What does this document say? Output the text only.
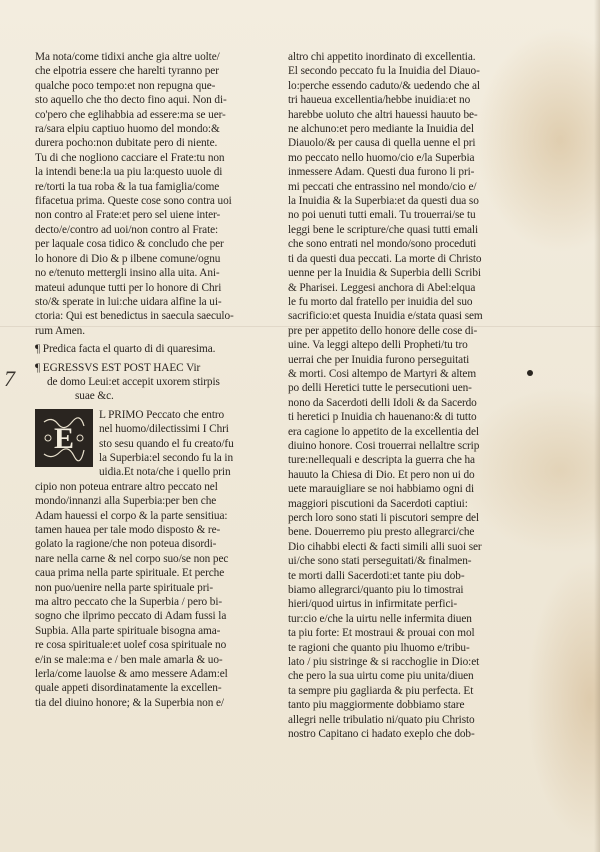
7
Ma nota/come tidixi anche gia altre uolte/
che elpotria essere che harelti tyranno per
qualche poco tempo:et non repugna que-
sto aquello che tho decto fino aqui. Non di-
co'pero che eglihabbia ad essere:ma se uer-
ra/sara elpiu captiuo huomo del mondo:&
durera pocho:non dubitate pero di niente.
Tu di che nogliono cacciare el Frate:tu non
la intendi bene:la ua piu la:questo uuole di
re/torti la tua roba & la tua famiglia/come
fifacetua prima. Queste cose sono contra uoi
non contro al Frate:et pero sel uiene inter-
decto/e/contro ad uoi/non contro al Frate:
per laquale cosa tidico & concludo che per
lo honore di Dio & p ilbene comune/ognu
no e/tenuto mettergli insino alla uita. Ani-
mateui adunque tutti per lo honore di Chri
sto/& sperate in lui:che uidara alfine la ui-
ctoria: Qui est benedictus in saecula saeculo-
rum Amen.
¶ Predica facta el quarto di di quaresima.
¶ EGRESSVS EST POST HAEC Vir
de domo Leui:et accepit uxorem stirpis
suae &c.
E
L PRIMO Peccato che entro
nel huomo/dilectissimi I Chri
sto sesu quando el fu creato/fu
la Superbia:el secondo fu la in
uidia.Et nota/che i quello prin
cipio non poteua entrare altro peccato nel
mondo/innanzi alla Superbia:per ben che
Adam hauessi el corpo & la parte sensitiua:
tamen hauea per tale modo disposto & re-
golato la ragione/che non poteua disordi-
nare nella carne & nel corpo suo/se non pec
caua prima nella parte spirituale. Et perche
non puo/uenire nella parte spirituale pri-
ma altro peccato che la Superbia / pero bi-
sogno che ilprimo peccato di Adam fussi la
Supbia. Alla parte spirituale bisogna ama-
re cosa spirituale:et uolef cosa spirituale no
e/in se male:ma e / ben male amarla & uo-
lerla/come lauolse & amo messere Adam:el
quale appeti disordinatamente la excellen-
tia del diuino honore; & la Superbia non e/
altro chi appetito inordinato di excellentia.
El secondo peccato fu la Inuidia del Diauo-
lo:perche essendo caduto/& uedendo che al
tri haueua excellentia/hebbe inuidia:et no
harebbe uoluto che altri hauessi hauuto be-
ne alchuno:et pero mediante la Inuidia del
Diauolo/& per causa di quella uenne el pri
mo peccato nello huomo/cio e/la Superbia
inmessere Adam. Questi dua furono li pri-
mi peccati che entrassino nel mondo/cio e/
la Inuidia & la Superbia:et da questi dua so
no poi uenuti tutti emali. Tu trouerrai/se tu
leggi bene le scripture/che quasi tutti emali
che sono entrati nel mondo/sono proceduti
ti da questi dua peccati. La morte di Christo
uenne per la Inuidia & Superbia delli Scribi
& Pharisei. Leggesi anchora di Abel:elqua
le fu morto dal fratello per inuidia del suo
sacrificio:et questa Inuidia e/stata quasi sem
pre per appetito dello honore delle cose di-
uine. Va leggi altepo delli Propheti/tu tro
uerrai che per Inuidia furono perseguitati
& morti. Cosi altempo de Martyri & altem
po delli Heretici tutte le persecutioni uen-
nono da Sacerdoti delli Idoli & da Sacerdo
ti heretici p Inuidia ch hauenano:& di tutto
era cagione lo appetito de la excellentia del
diuino honore. Cosi trouerrai nellaltre scrip
ture:nellequali e descripta la guerra che ha
hauuto la Chiesa di Dio. Et pero non ui do
uete marauigliare se noi habbiamo ogni di
maggiori piscutioni da Sacerdoti captiui:
perch loro sono stati li piscutori sempre del
bene. Douerremo piu presto allegrarci/che
Dio cihabbi electi & facti simili alli suoi ser
ui/che sono stati perseguitati/& finalmen-
te morti dalli Sacerdoti:et tante piu dob-
biamo allegrarci/quanto piu lo timostrai
hieri/quod uirtus in infirmitate perfici-
tur:cio e/che la uirtu nelle infermita diuen
ta piu forte: Et mostraui & prouai con mol
te ragioni che quanto piu lhuomo e/tribu-
lato / piu sistringe & si racchoglie in Dio:et
che pero la sua uirtu come piu unita/diuen
ta sempre piu gagliarda & piu perfecta. Et
tanto piu maggiormente dobbiamo stare
allegri nelle tribulatio ni/quato piu Christo
nostro Capitano ci hadato exeplo che dob-
